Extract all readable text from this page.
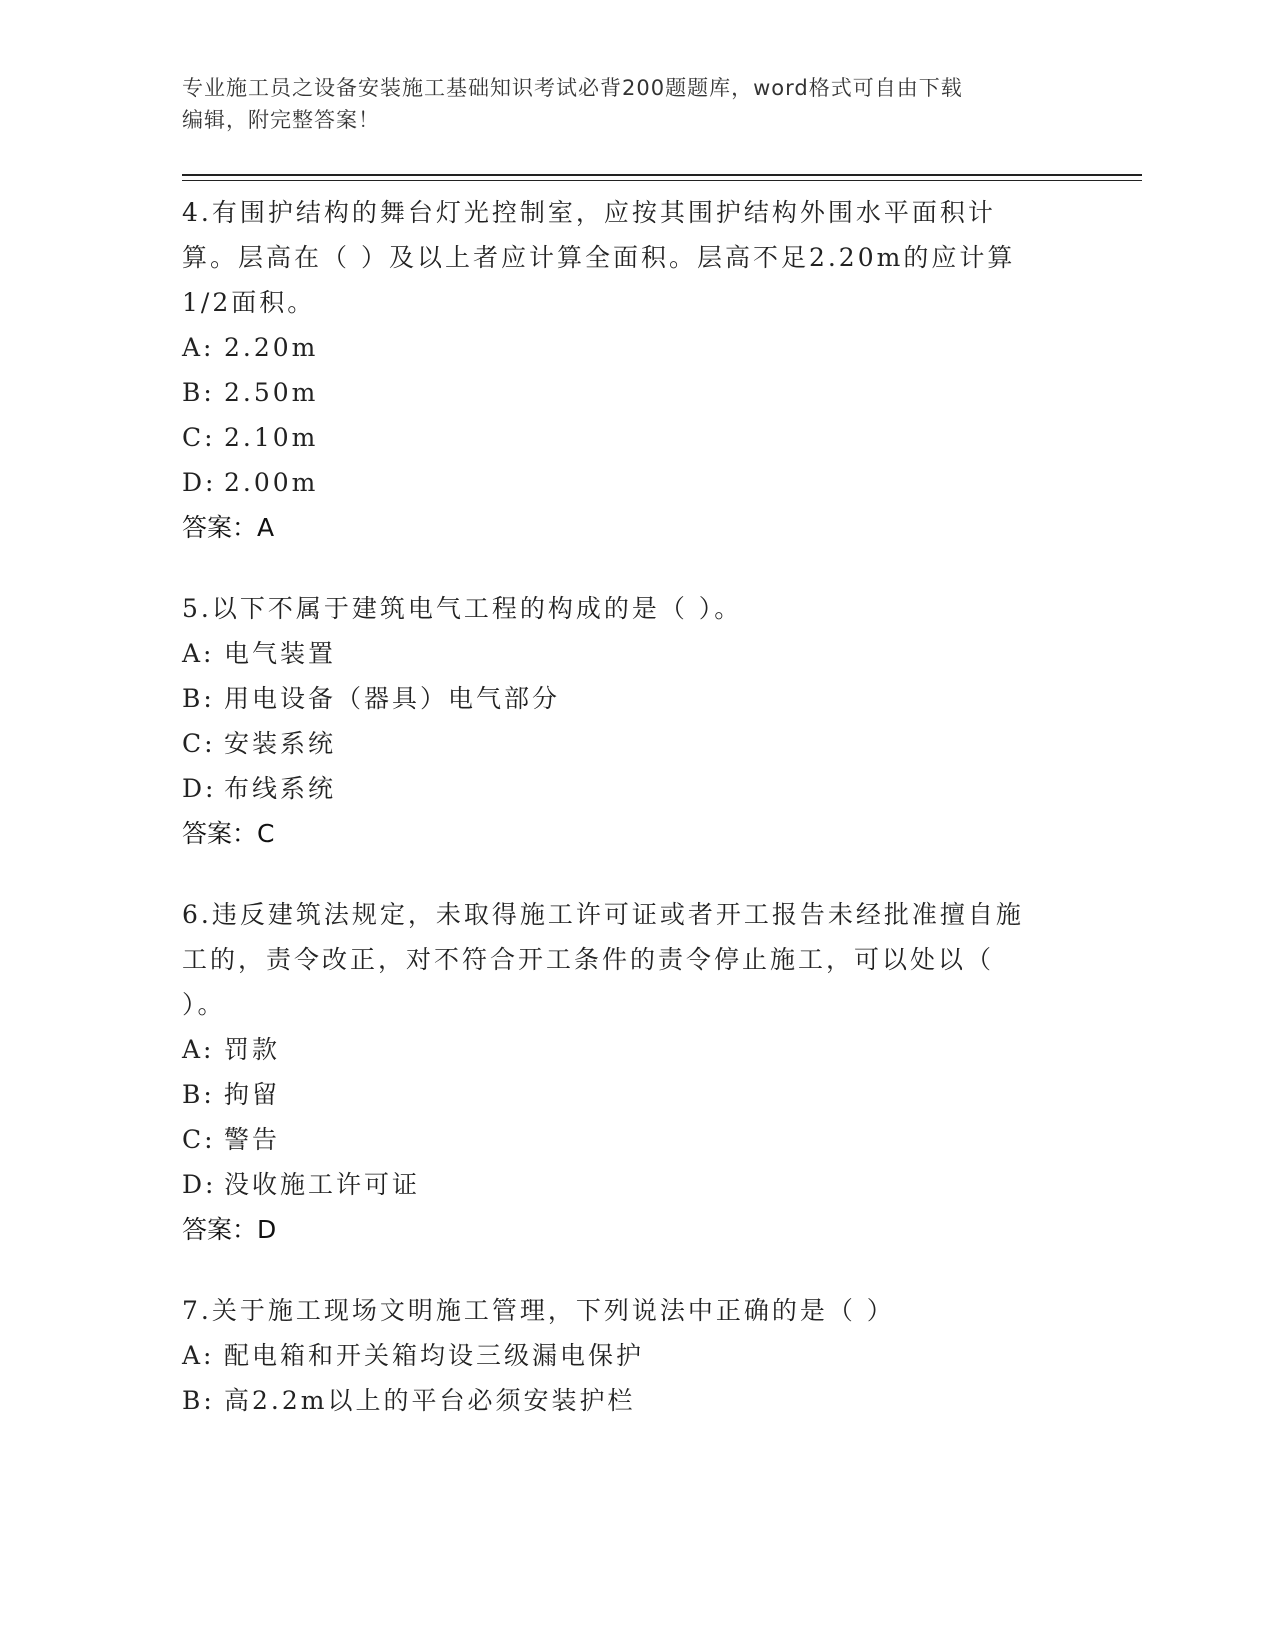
专业施工员之设备安装施工基础知识考试必背200题题库，word格式可自由下载
编辑，附完整答案！

4.有围护结构的舞台灯光控制室，应按其围护结构外围水平面积计算。层高在（ ）及以上者应计算全面积。层高不足2.20m的应计算1/2面积。

A: 2.20m

B: 2.50m

C: 2.10m

D: 2.00m

答案：A

5.以下不属于建筑电气工程的构成的是（ ）。

A: 电气装置

B: 用电设备（器具）电气部分

C: 安装系统

D: 布线系统

答案：C

6.违反建筑法规定，未取得施工许可证或者开工报告未经批准擅自施工的，责令改正，对不符合开工条件的责令停止施工，可以处以（ ）。

A: 罚款

B: 拘留

C: 警告

D: 没收施工许可证

答案：D

7.关于施工现场文明施工管理，下列说法中正确的是（ ）

A: 配电箱和开关箱均设三级漏电保护

B: 高2.2m以上的平台必须安装护栏
